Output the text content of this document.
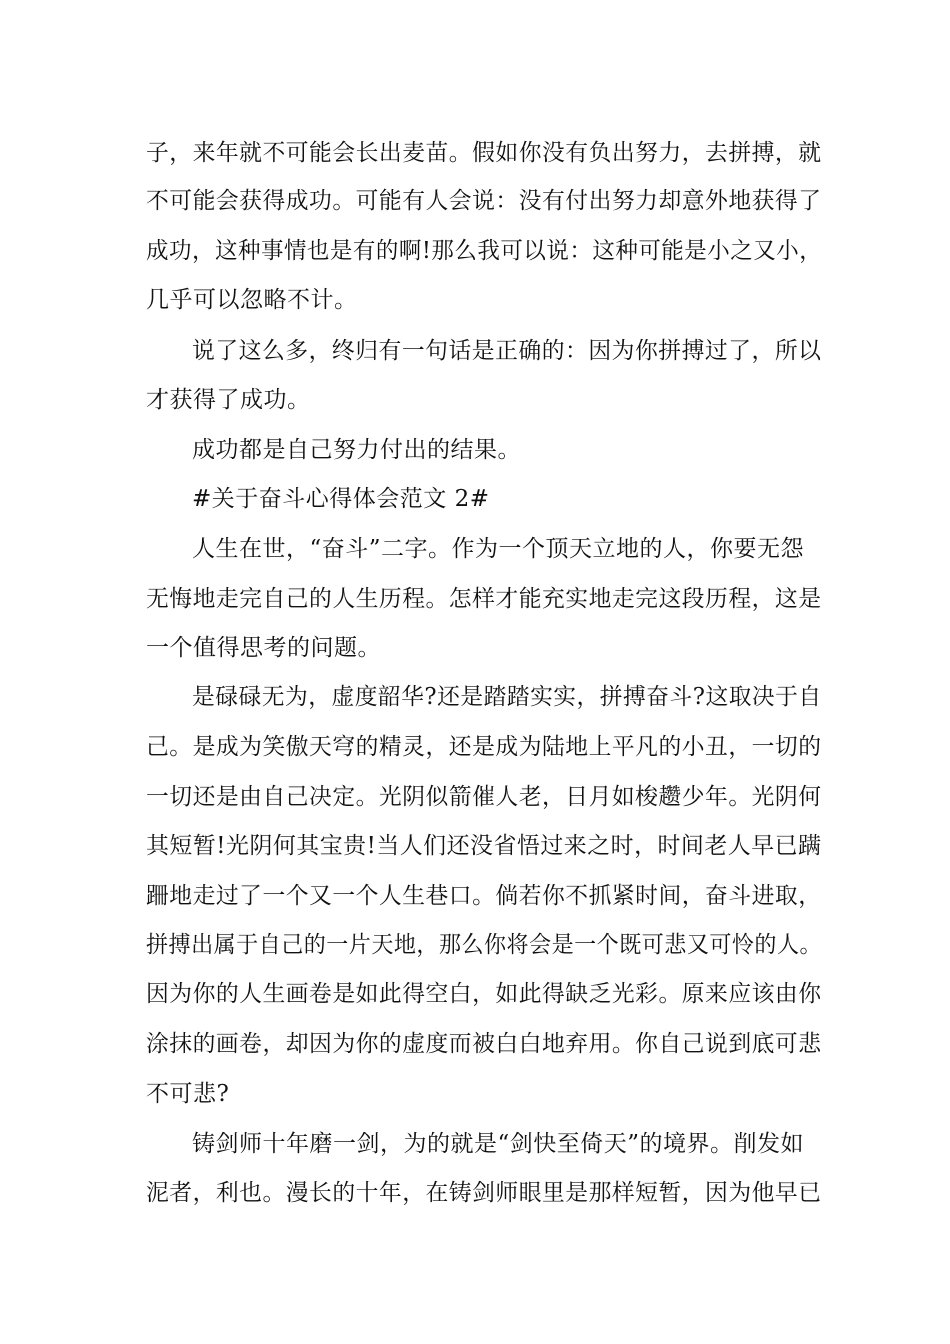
子，来年就不可能会长出麦苗。假如你没有负出努力，去拼搏，就
不可能会获得成功。可能有人会说：没有付出努力却意外地获得了
成功，这种事情也是有的啊!那么我可以说：这种可能是小之又小，
几乎可以忽略不计。
说了这么多，终归有一句话是正确的：因为你拼搏过了，所以
才获得了成功。
成功都是自己努力付出的结果。
#关于奋斗心得体会范文 2#
人生在世，“奋斗”二字。作为一个顶天立地的人，你要无怨
无悔地走完自己的人生历程。怎样才能充实地走完这段历程，这是
一个值得思考的问题。
是碌碌无为，虚度韶华?还是踏踏实实，拼搏奋斗?这取决于自
己。是成为笑傲天穹的精灵，还是成为陆地上平凡的小丑，一切的
一切还是由自己决定。光阴似箭催人老，日月如梭趱少年。光阴何
其短暂!光阴何其宝贵!当人们还没省悟过来之时，时间老人早已蹒
跚地走过了一个又一个人生巷口。倘若你不抓紧时间，奋斗进取，
拼搏出属于自己的一片天地，那么你将会是一个既可悲又可怜的人。
因为你的人生画卷是如此得空白，如此得缺乏光彩。原来应该由你
涂抹的画卷，却因为你的虚度而被白白地弃用。你自己说到底可悲
不可悲?
铸剑师十年磨一剑，为的就是“剑快至倚天”的境界。削发如
泥者，利也。漫长的十年，在铸剑师眼里是那样短暂，因为他早已
